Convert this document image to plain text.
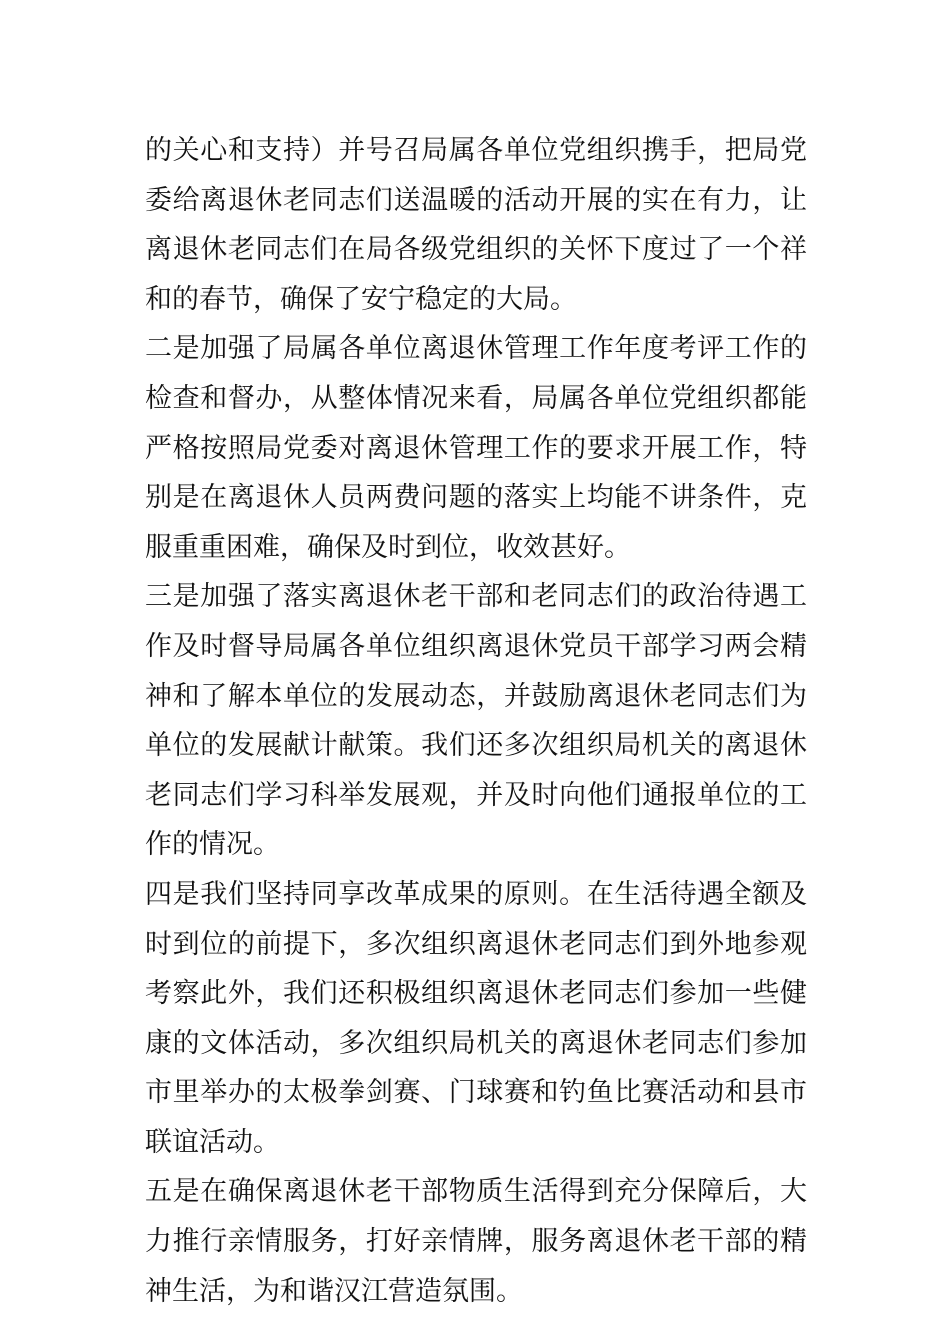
的关心和支持）并号召局属各单位党组织携手，把局党委给离退休老同志们送温暖的活动开展的实在有力，让离退休老同志们在局各级党组织的关怀下度过了一个祥和的春节，确保了安宁稳定的大局。

二是加强了局属各单位离退休管理工作年度考评工作的检查和督办，从整体情况来看，局属各单位党组织都能严格按照局党委对离退休管理工作的要求开展工作，特别是在离退休人员两费问题的落实上均能不讲条件，克服重重困难，确保及时到位，收效甚好。

三是加强了落实离退休老干部和老同志们的政治待遇工作及时督导局属各单位组织离退休党员干部学习两会精神和了解本单位的发展动态，并鼓励离退休老同志们为单位的发展献计献策。我们还多次组织局机关的离退休老同志们学习科举发展观，并及时向他们通报单位的工作的情况。

四是我们坚持同享改革成果的原则。在生活待遇全额及时到位的前提下，多次组织离退休老同志们到外地参观考察此外，我们还积极组织离退休老同志们参加一些健康的文体活动，多次组织局机关的离退休老同志们参加市里举办的太极拳剑赛、门球赛和钓鱼比赛活动和县市联谊活动。

五是在确保离退休老干部物质生活得到充分保障后，大力推行亲情服务，打好亲情牌，服务离退休老干部的精神生活，为和谐汉江营造氛围。
